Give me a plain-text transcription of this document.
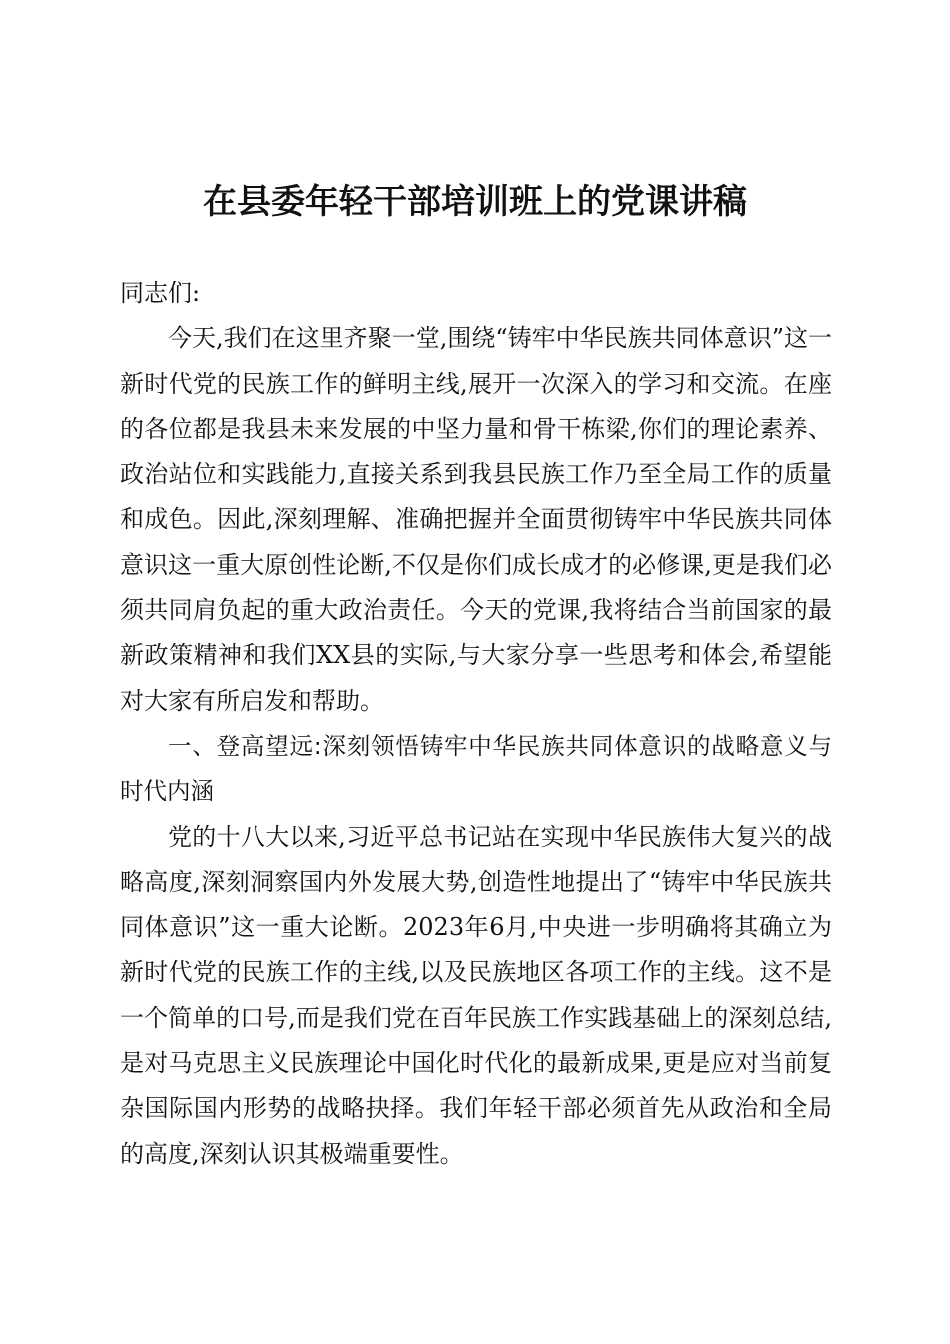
在县委年轻干部培训班上的党课讲稿

同志们:

今天,我们在这里齐聚一堂,围绕“铸牢中华民族共同体意识”这一新时代党的民族工作的鲜明主线,展开一次深入的学习和交流。在座的各位都是我县未来发展的中坚力量和骨干栋梁,你们的理论素养、政治站位和实践能力,直接关系到我县民族工作乃至全局工作的质量和成色。因此,深刻理解、准确把握并全面贯彻铸牢中华民族共同体意识这一重大原创性论断,不仅是你们成长成才的必修课,更是我们必须共同肩负起的重大政治责任。今天的党课,我将结合当前国家的最新政策精神和我们XX县的实际,与大家分享一些思考和体会,希望能对大家有所启发和帮助。

一、登高望远:深刻领悟铸牢中华民族共同体意识的战略意义与时代内涵

党的十八大以来,习近平总书记站在实现中华民族伟大复兴的战略高度,深刻洞察国内外发展大势,创造性地提出了“铸牢中华民族共同体意识”这一重大论断。2023年6月,中央进一步明确将其确立为新时代党的民族工作的主线,以及民族地区各项工作的主线。这不是一个简单的口号,而是我们党在百年民族工作实践基础上的深刻总结,是对马克思主义民族理论中国化时代化的最新成果,更是应对当前复杂国际国内形势的战略抉择。我们年轻干部必须首先从政治和全局的高度,深刻认识其极端重要性。
